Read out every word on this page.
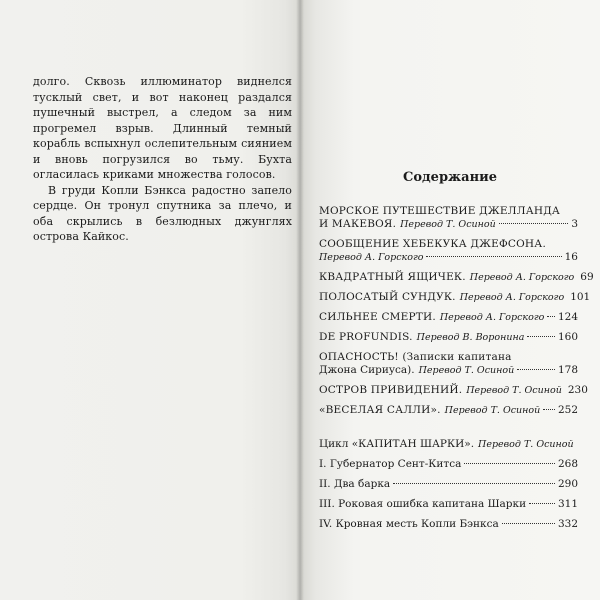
долго. Сквозь иллюминатор виднелся тусклый свет, и вот наконец раздался пушечный выстрел, а следом за ним прогремел взрыв. Длинный темный корабль вспыхнул ослепительным сиянием и вновь погрузился во тьму. Бухта огласилась криками множества голосов.

В груди Копли Бэнкса радостно запело сердце. Он тронул спутника за плечо, и оба скрылись в безлюдных джунглях острова Кайкос.

Содержание
МОРСКОЕ ПУТЕШЕСТВИЕ ДЖЕЛЛАНДА
И МАКЕВОЯ. Перевод Т. Осиной	3
СООБЩЕНИЕ ХЕБЕКУКА ДЖЕФСОНА.
Перевод А. Горского	16
КВАДРАТНЫЙ ЯЩИЧЕК. Перевод А. Горского 69
ПОЛОСАТЫЙ СУНДУК. Перевод А. Горского 101
СИЛЬНЕЕ СМЕРТИ. Перевод А. Горского 124
DE PROFUNDIS. Перевод В. Воронина	160
ОПАСНОСТЬ! (Записки капитана
Джона Сириуса). Перевод Т. Осиной	178
ОСТРОВ ПРИВИДЕНИЙ. Перевод Т. Осиной 230
«ВЕСЕЛАЯ САЛЛИ». Перевод Т. Осиной 252
Цикл «КАПИТАН ШАРКИ». Перевод Т. Осиной
I. Губернатор Сент-Китса	268
II. Два барка	290
III. Роковая ошибка капитана Шарки	311
IV. Кровная месть Копли Бэнкса	332
